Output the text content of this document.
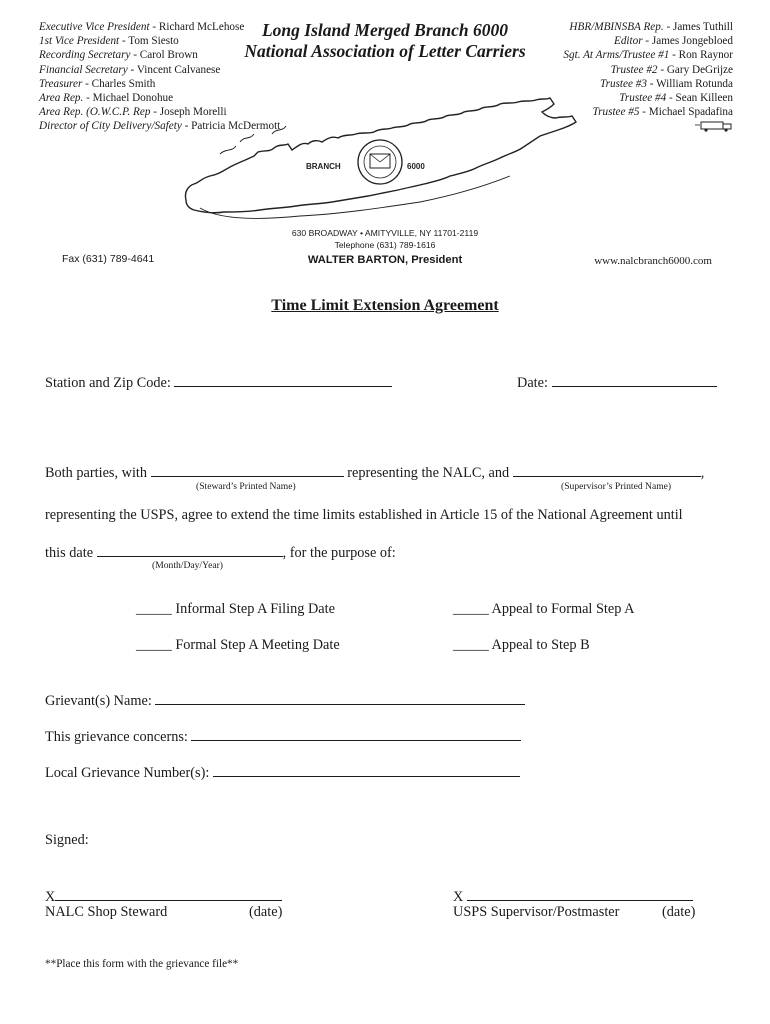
Executive Vice President - Richard McLehose
1st Vice President - Tom Siesto
Recording Secretary - Carol Brown
Financial Secretary - Vincent Calvanese
Treasurer - Charles Smith
Area Rep. - Michael Donohue
Area Rep. (O.W.C.P. Rep - Joseph Morelli
Director of City Delivery/Safety - Patricia McDermott
Long Island Merged Branch 6000
National Association of Letter Carriers
HBR/MBINSBA Rep. - James Tuthill
Editor - James Jongebloed
Sgt. At Arms/Trustee #1 - Ron Raynor
Trustee #2 - Gary DeGrijze
Trustee #3 - William Rotunda
Trustee #4 - Sean Killeen
Trustee #5 - Michael Spadafina
BRANCH	6000
630 BROADWAY • AMITYVILLE, NY 11701-2119
Telephone (631) 789-1616
Fax (631) 789-4641	WALTER BARTON, President	www.nalcbranch6000.com
Time Limit Extension Agreement
Station and Zip Code:	Date:
Both parties, with	representing the NALC, and	,
(Steward’s Printed Name)	(Supervisor’s Printed Name)
representing the USPS, agree to extend the time limits established in Article 15 of the National Agreement until
this date	, for the purpose of:
(Month/Day/Year)
_____ Informal Step A Filing Date	_____ Appeal to Formal Step A
_____ Formal Step A Meeting Date	_____ Appeal to Step B
Grievant(s) Name:
This grievance concerns:
Local Grievance Number(s):
Signed:
X
NALC Shop Steward	(date)
X
USPS Supervisor/Postmaster	(date)
**Place this form with the grievance file**
